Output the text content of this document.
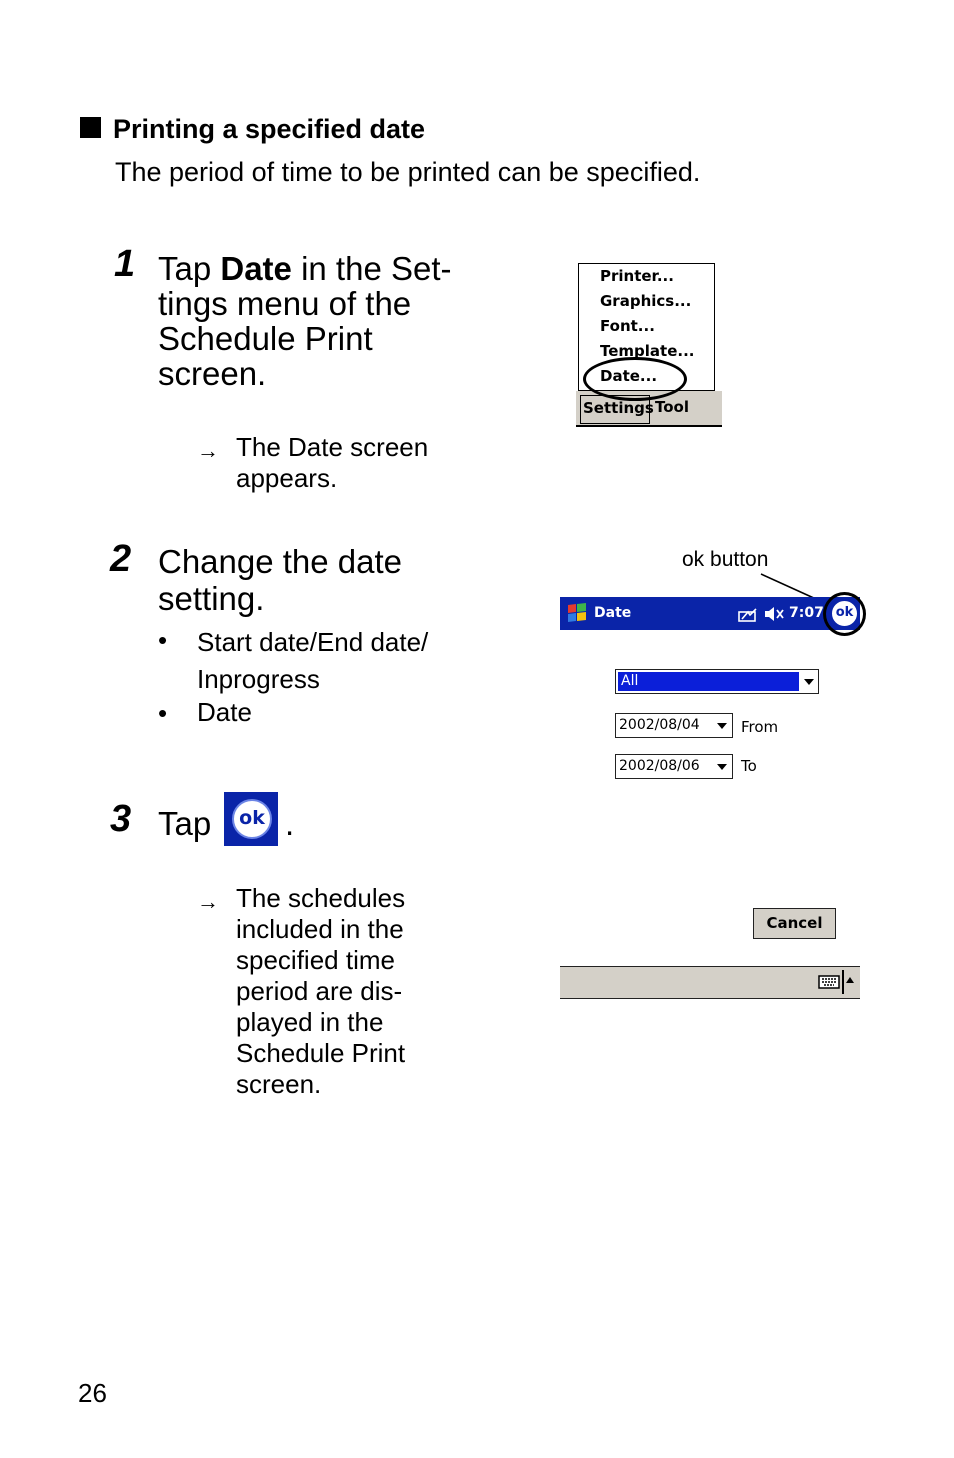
Printing a specified date
The period of time to be printed can be specified.
1 Tap Date in the Set-
tings menu of the
Schedule Print
screen.
→ The Date screen
appears.
Printer...
Graphics...
Font...
Template...
Date...
Settings Tool
2 Change the date
setting.
• Start date/End date/
Inprogress
• Date
ok button
Date	7:07 ok
All
2002/08/04	From
2002/08/06	To
Cancel
3 Tap	ok .
→ The schedules
included in the
specified time
period are dis-
played in the
Schedule Print
screen.
26
